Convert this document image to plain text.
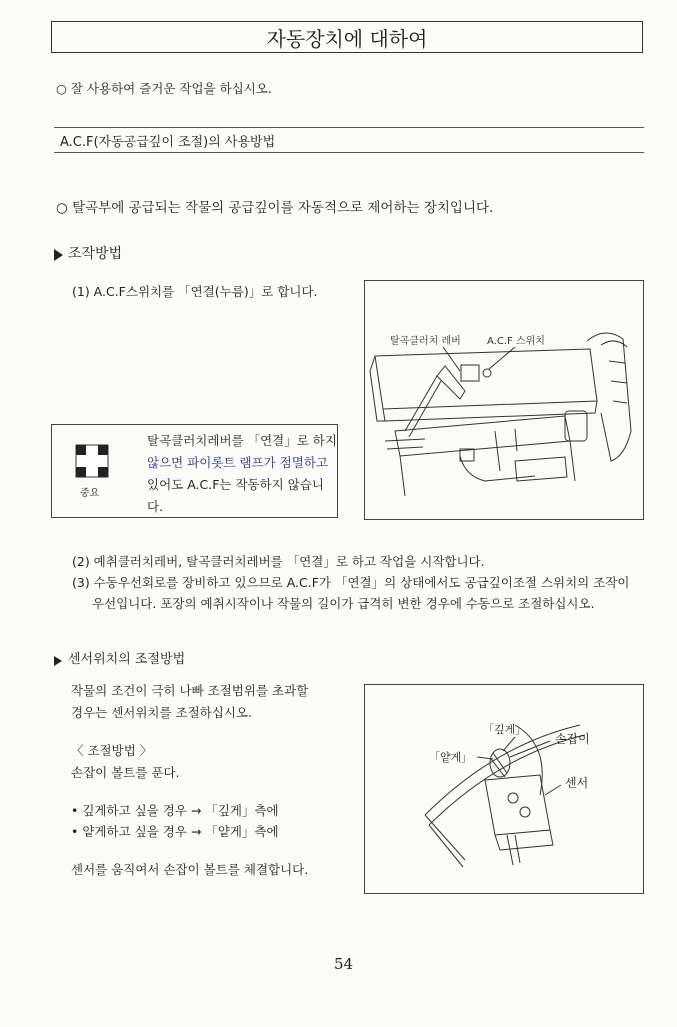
자동장치에 대하여
○ 잘 사용하여 즐거운 작업을 하십시오.
A.C.F(자동공급깊이 조절)의 사용방법
○ 탈곡부에 공급되는 작물의 공급깊이를 자동적으로 제어하는 장치입니다.
조작방법
(1) A.C.F스위치를 「연결(누름)」로 합니다.
중요
탈곡클러치레버를 「연결」로 하지
않으면 파이롯트 램프가 점멸하고
있어도 A.C.F는 작동하지 않습니
다.
탈곡클러치 레버	A.C.F 스위치
(2) 예취클러치레버, 탈곡클러치레버를 「연결」로 하고 작업을 시작합니다.
(3) 수동우선회로를 장비하고 있으므로 A.C.F가 「연결」의 상태에서도 공급깊이조절 스위치의 조작이
우선입니다. 포장의 예취시작이나 작물의 길이가 급격히 변한 경우에 수동으로 조절하십시오.
센서위치의 조절방법
작물의 조건이 극히 나빠 조절범위를 초과할
경우는 센서위치를 조절하십시오.
〈 조절방법 〉
손잡이 볼트를 푼다.
• 깊게하고 싶을 경우 → 「깊게」측에
• 얕게하고 싶을 경우 → 「얕게」측에
센서를 움직여서 손잡이 볼트를 체결합니다.
「깊게」
「얕게」
손잡이
센서
54
